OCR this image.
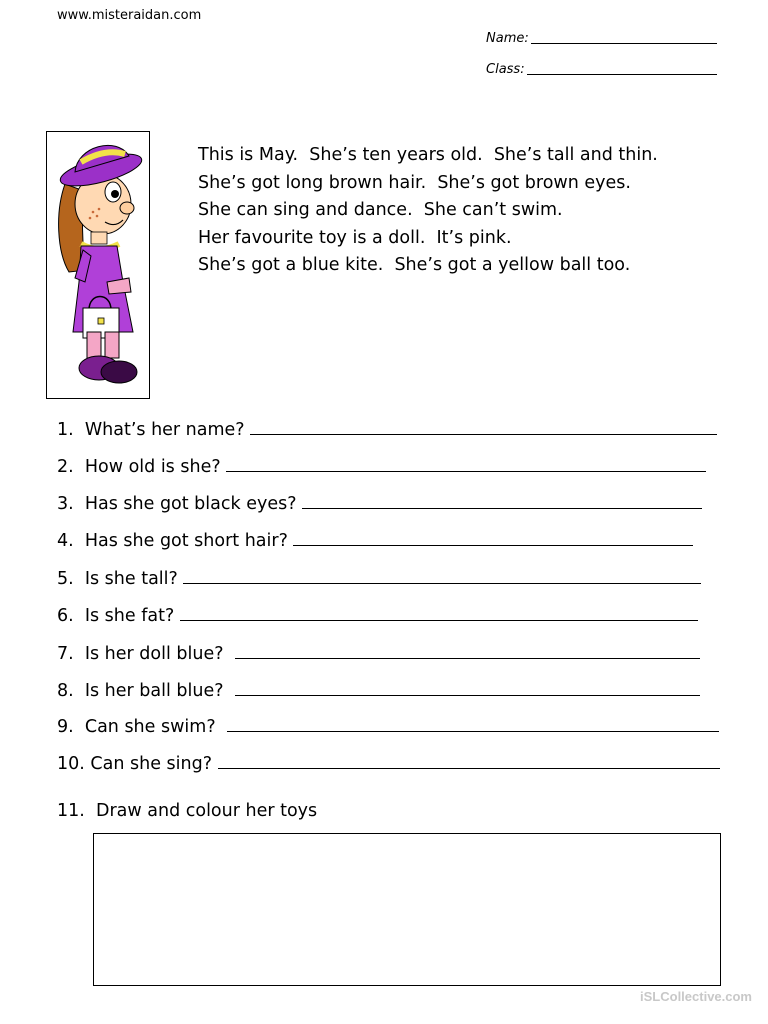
www.misteraidan.com
Name:
Class:

This is May.  She’s ten years old.  She’s tall and thin.

She’s got long brown hair.  She’s got brown eyes.

She can sing and dance.  She can’t swim.

Her favourite toy is a doll.  It’s pink.

She’s got a blue kite.  She’s got a yellow ball too.

1.
What’s her name?

2.
How old is she?

3.
Has she got black eyes?

4.
Has she got short hair?

5.
Is she tall?

6.
Is she fat?

7.
Is her doll blue?

8.
Is her ball blue?

9.
Can she swim?

10.
Can she sing?

11. Draw and colour her toys
iSLCollective.com
